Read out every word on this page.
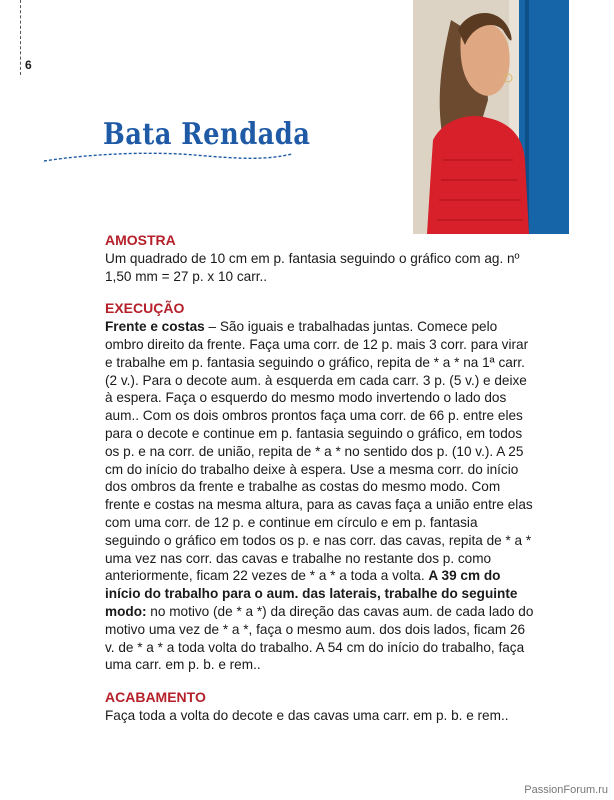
6
Bata Rendada

AMOSTRA

Um quadrado de 10 cm em p. fantasia seguindo o gráfico com ag. nº 1,50 mm = 27 p. x 10 carr..

EXECUÇÃO

Frente e costas – São iguais e trabalhadas juntas. Comece pelo ombro direito da frente. Faça uma corr. de 12 p. mais 3 corr. para virar e trabalhe em p. fantasia seguindo o gráfico, repita de * a * na 1ª carr. (2 v.). Para o decote aum. à esquerda em cada carr. 3 p. (5 v.) e deixe à espera. Faça o esquerdo do mesmo modo invertendo o lado dos aum.. Com os dois ombros prontos faça uma corr. de 66 p. entre eles para o decote e continue em p. fantasia seguindo o gráfico, em todos os p. e na corr. de união, repita de * a * no sentido dos p. (10 v.). A 25 cm do início do trabalho deixe à espera. Use a mesma corr. do início dos ombros da frente e trabalhe as costas do mesmo modo. Com frente e costas na mesma altura, para as cavas faça a união entre elas com uma corr. de 12 p. e continue em círculo e em p. fantasia seguindo o gráfico em todos os p. e nas corr. das cavas, repita de * a * uma vez nas corr. das cavas e trabalhe no restante dos p. como anteriormente, ficam 22 vezes de * a * a toda a volta. A 39 cm do início do trabalho para o aum. das laterais, trabalhe do seguinte modo: no motivo (de * a *) da direção das cavas aum. de cada lado do motivo uma vez de * a *, faça o mesmo aum. dos dois lados, ficam 26 v. de * a * a toda volta do trabalho. A 54 cm do início do trabalho, faça uma carr. em p. b. e rem..

ACABAMENTO

Faça toda a volta do decote e das cavas uma carr. em p. b. e rem..

PassionForum.ru
